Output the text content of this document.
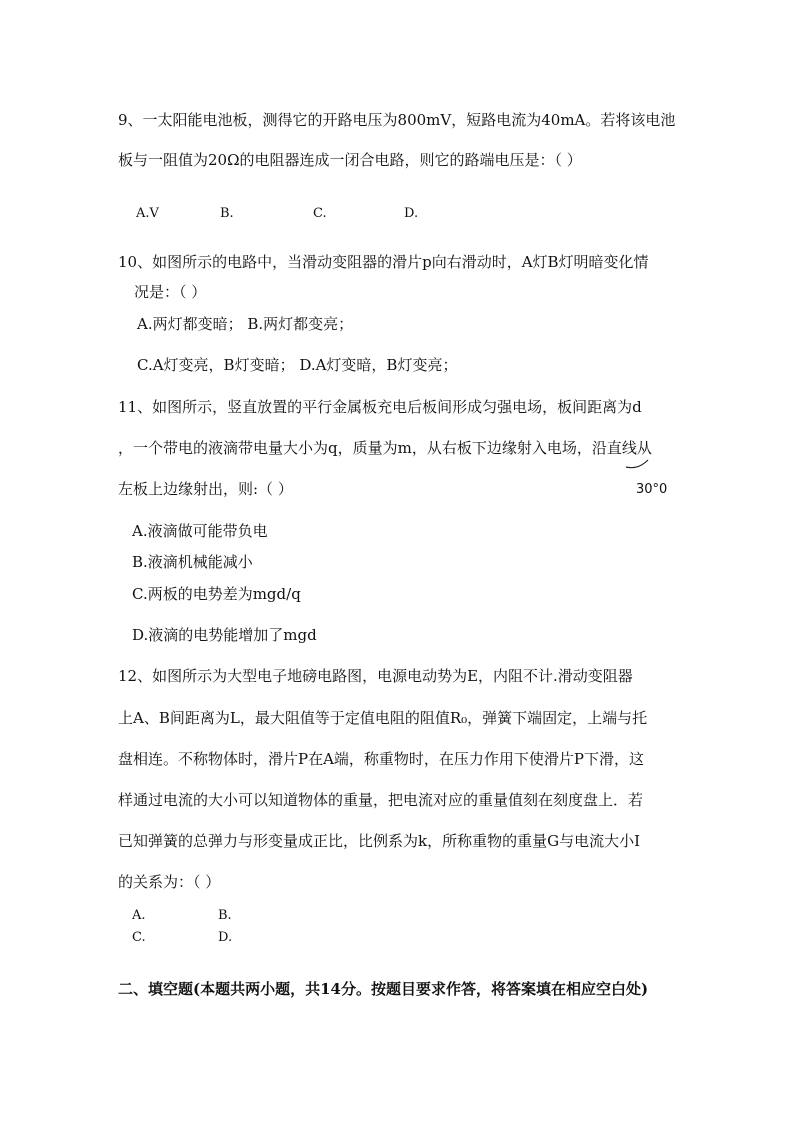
9、一太阳能电池板，测得它的开路电压为800mV，短路电流为40mA。若将该电池
板与一阻值为20Ω的电阻器连成一闭合电路，则它的路端电压是：（ ）
A.V	B.	C.	D.
10、如图所示的电路中，当滑动变阻器的滑片p向右滑动时，A灯B灯明暗变化情
况是：（ ）
A.两灯都变暗； B.两灯都变亮；
C.A灯变亮，B灯变暗； D.A灯变暗，B灯变亮；
11、如图所示，竖直放置的平行金属板充电后板间形成匀强电场，板间距离为d
，一个带电的液滴带电量大小为q，质量为m，从右板下边缘射入电场，沿直线从
左板上边缘射出，则:（ ）	30°0
A.液滴做可能带负电
B.液滴机械能减小
C.两板的电势差为mgd/q
D.液滴的电势能增加了mgd
12、如图所示为大型电子地磅电路图，电源电动势为E，内阻不计.滑动变阻器
上A、B间距离为L，最大阻值等于定值电阻的阻值R₀，弹簧下端固定，上端与托
盘相连。不称物体时，滑片P在A端，称重物时，在压力作用下使滑片P下滑，这
样通过电流的大小可以知道物体的重量，把电流对应的重量值刻在刻度盘上．若
已知弹簧的总弹力与形变量成正比，比例系为k，所称重物的重量G与电流大小I
的关系为：（ ）
A.	B.
C.	D.
二、填空题(本题共两小题，共14分。按题目要求作答，将答案填在相应空白处)
